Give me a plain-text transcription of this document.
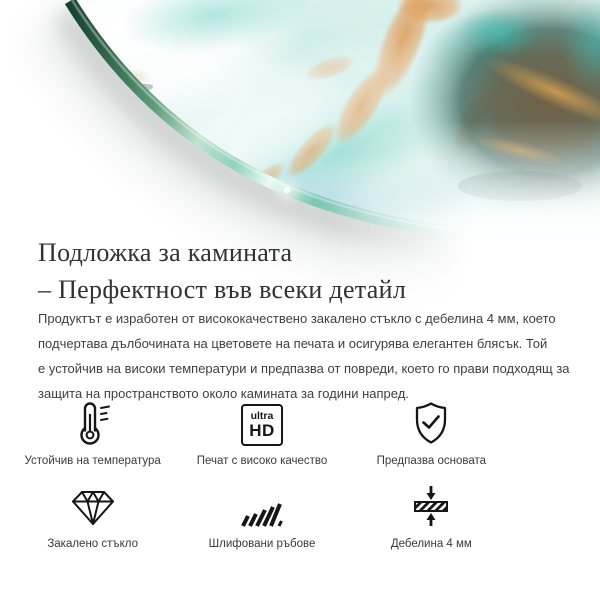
Подложка за камината
– Перфектност във всеки детайл

Продуктът е изработен от висококачествено закалено стъкло с дебелина 4 мм, което
подчертава дълбочината на цветовете на печата и осигурява елегантен блясък. Той
е устойчив на високи температури и предпазва от повреди, което го прави подходящ за
защита на пространството около камината за години напред.

Устойчив на температура
ultra
HD
Печат с високо качество	Предпазва основата
Закалено стъкло	Шлифовани ръбове	Дебелина 4 мм
